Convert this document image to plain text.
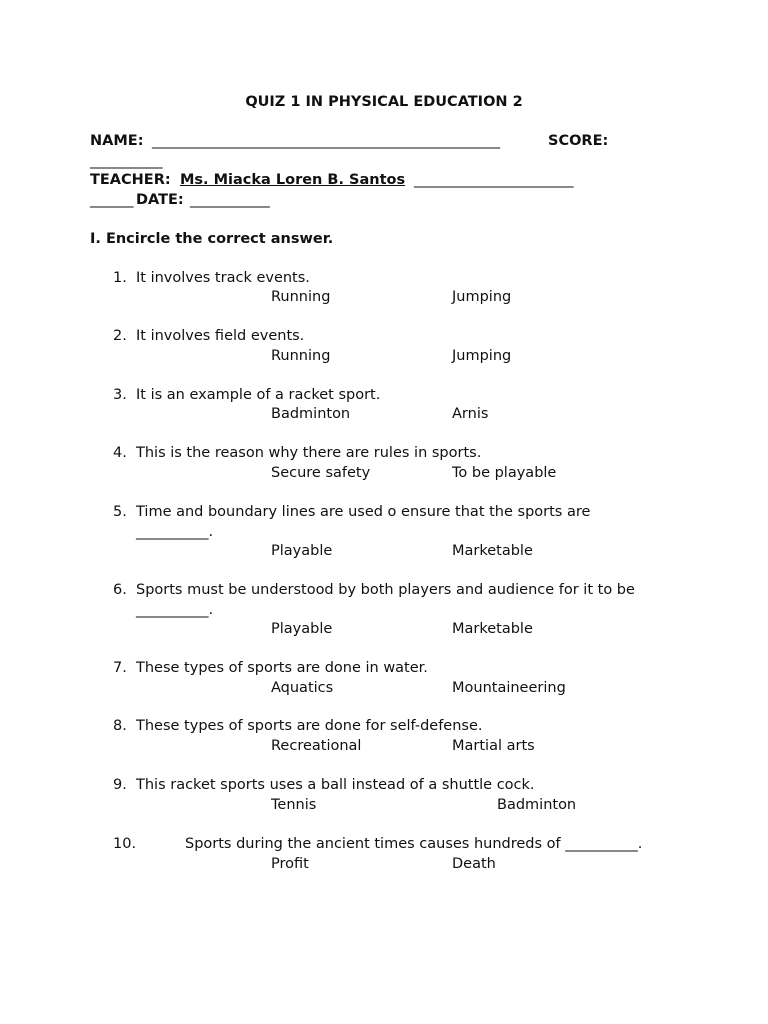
QUIZ 1 IN PHYSICAL EDUCATION 2
NAME: ________________________________________________	SCORE:
__________
TEACHER: Ms. Miacka Loren B. Santos ______________________
______ DATE: ___________
I. Encircle the correct answer.
1. It involves track events.
Running	Jumping
2. It involves field events.
Running	Jumping
3. It is an example of a racket sport.
Badminton	Arnis
4. This is the reason why there are rules in sports.
Secure safety	To be playable
5. Time and boundary lines are used o ensure that the sports are
__________.
Playable	Marketable
6. Sports must be understood by both players and audience for it to be
__________.
Playable	Marketable
7. These types of sports are done in water.
Aquatics	Mountaineering
8. These types of sports are done for self-defense.
Recreational	Martial arts
9. This racket sports uses a ball instead of a shuttle cock.
Tennis	Badminton
10.	Sports during the ancient times causes hundreds of __________.
Profit	Death
